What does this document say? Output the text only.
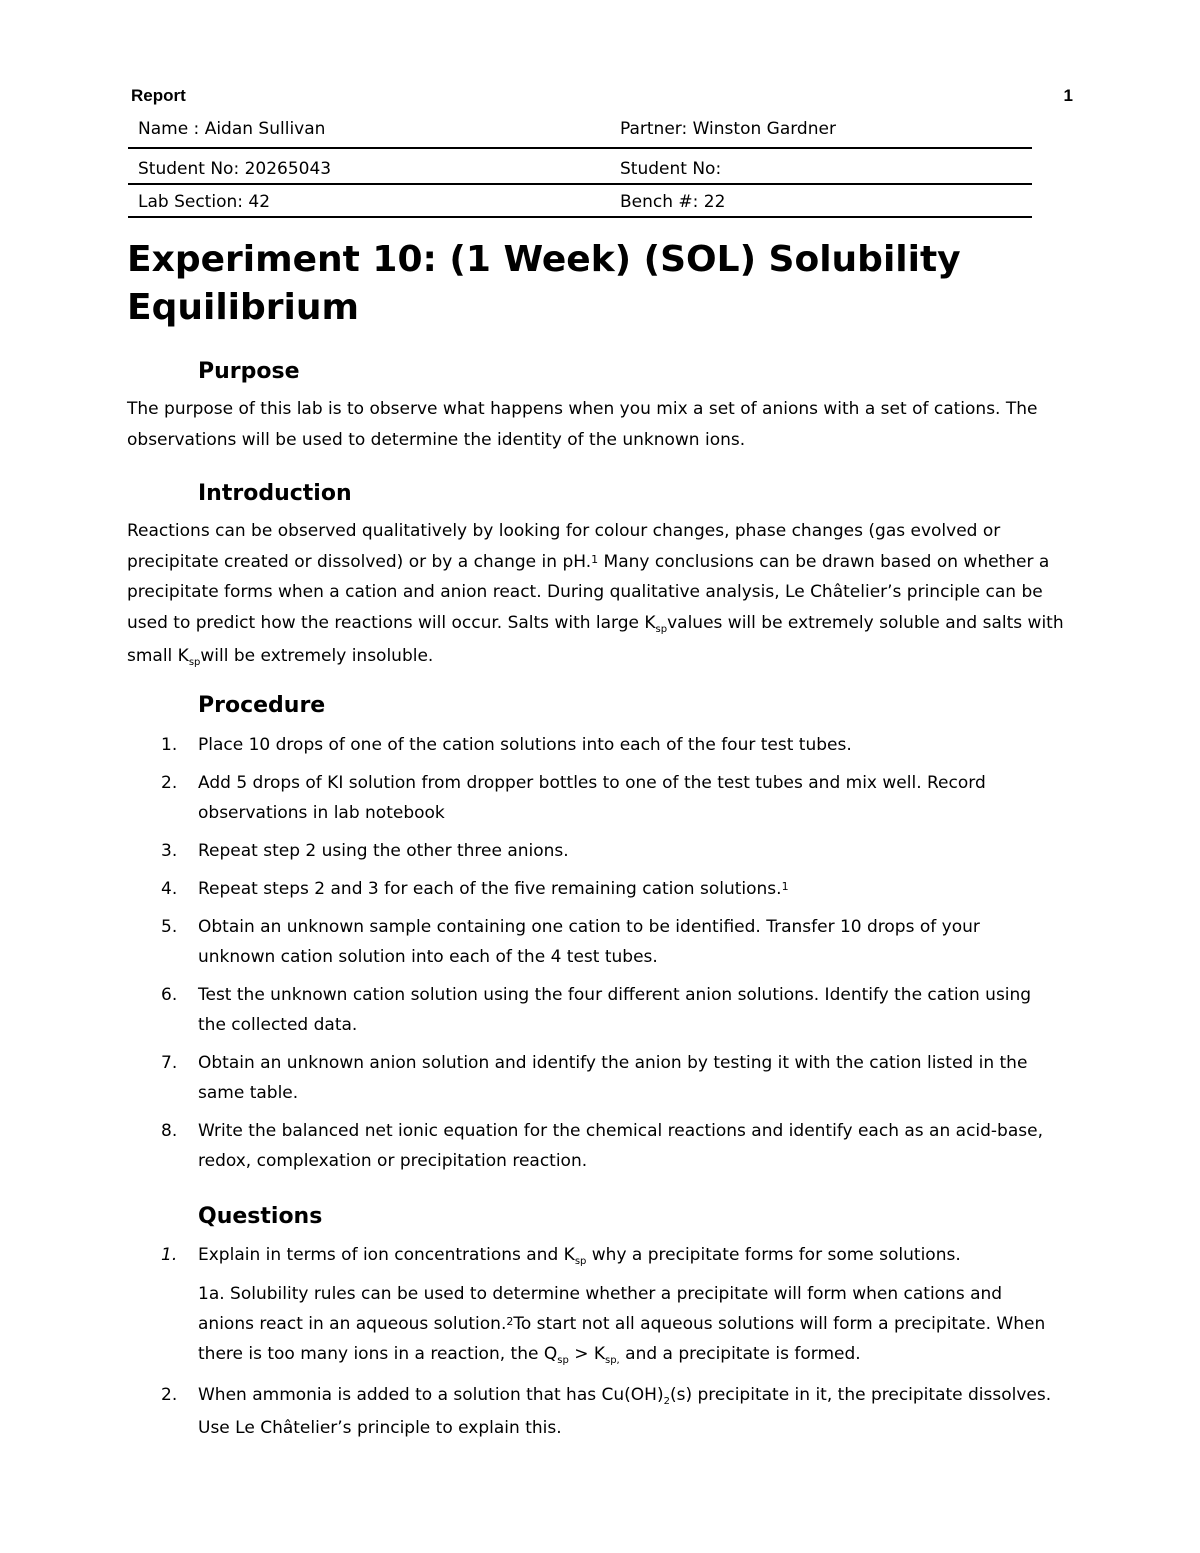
Report	1
Name : Aidan Sullivan	Partner: Winston Gardner
Student No: 20265043	Student No:
Lab Section: 42	Bench #: 22
Experiment 10: (1 Week) (SOL) Solubility Equilibrium
Purpose

The purpose of this lab is to observe what happens when you mix a set of anions with a set of cations. The observations will be used to determine the identity of the unknown ions.

Introduction

Reactions can be observed qualitatively by looking for colour changes, phase changes (gas evolved or precipitate created or dissolved) or by a change in pH.$^1$ Many conclusions can be drawn based on whether a precipitate forms when a cation and anion react. During qualitative analysis, Le Châtelier’s principle can be used to predict how the reactions will occur. Salts with large $K_{sp}values$ will be extremely soluble and salts with small $K_{sp}will$ be extremely insoluble.

Procedure
1. Place 10 drops of one of the cation solutions into each of the four test tubes.
2. Add 5 drops of KI solution from dropper bottles to one of the test tubes and mix well. Record observations in lab notebook
3. Repeat step 2 using the other three anions.
4. Repeat steps 2 and 3 for each of the five remaining cation solutions.$^1$
5. Obtain an unknown sample containing one cation to be identified. Transfer 10 drops of your unknown cation solution into each of the 4 test tubes.
6. Test the unknown cation solution using the four different anion solutions. Identify the cation using the collected data.
7. Obtain an unknown anion solution and identify the anion by testing it with the cation listed in the same table.
8. Write the balanced net ionic equation for the chemical reactions and identify each as an acid-base, redox, complexation or precipitation reaction.
Questions
1. Explain in terms of ion concentrations and $K_{sp}$ why a precipitate forms for some solutions.
1a. Solubility rules can be used to determine whether a precipitate will form when cations and anions react in an aqueous solution.$^2$To start not all aqueous solutions will form a precipitate. When there is too many ions in a reaction, the $Q_{sp} > K_{sp,}$ and a precipitate is formed.
2. When ammonia is added to a solution that has $Cu(OH)_2(s)$ precipitate in it, the precipitate dissolves. Use Le Châtelier’s principle to explain this.
